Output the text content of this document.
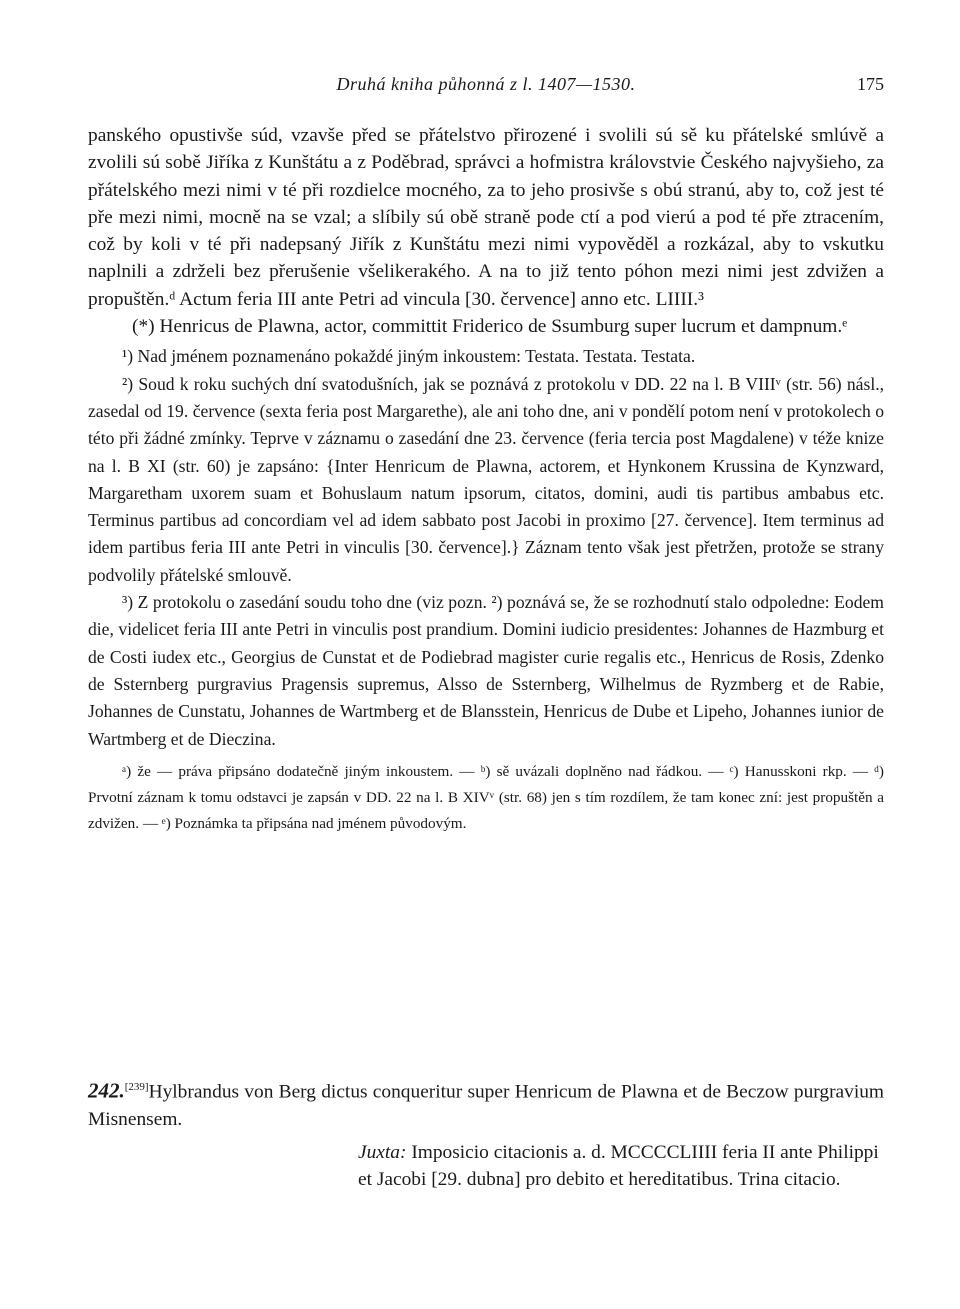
Druhá kniha půhonná z l. 1407—1530.	175

panského opustivše súd, vzavše před se přátelstvo přirozené i svolili sú sě ku přátelské smlúvě a zvolili sú sobě Jiříka z Kunštátu a z Poděbrad, správci a hofmistra královstvie Českého najvyšieho, za přátelského mezi nimi v té při rozdielce mocného, za to jeho prosivše s obú stranú, aby to, což jest té pře mezi nimi, mocně na se vzal; a slíbily sú obě straně pode ctí a pod vierú a pod té pře ztracením, což by koli v té při nadepsaný Jiřík z Kunštátu mezi nimi vypověděl a rozkázal, aby to vskutku naplnili a zdrželi bez přerušenie všelikerakého. A na to již tento póhon mezi nimi jest zdvižen a propuštěn.ᵈ Actum feria III ante Petri ad vincula [30. července] anno etc. LIIII.³

(*) Henricus de Plawna, actor, committit Friderico de Ssumburg super lucrum et dampnum.ᵉ

¹) Nad jménem poznamenáno pokaždé jiným inkoustem: Testata. Testata. Testata.

²) Soud k roku suchých dní svatodušních, jak se poznává z protokolu v DD. 22 na l. B VIIIᵛ (str. 56) násl., zasedal od 19. července (sexta feria post Margarethe), ale ani toho dne, ani v pondělí potom není v protokolech o této při žádné zmínky. Teprve v záznamu o zasedání dne 23. července (feria tercia post Magdalene) v téže knize na l. B XI (str. 60) je zapsáno: {Inter Henricum de Plawna, actorem, et Hynkonem Krussina de Kynzward, Margaretham uxorem suam et Bohuslaum natum ipsorum, citatos, domini, audi tis partibus ambabus etc. Terminus partibus ad concordiam vel ad idem sabbato post Jacobi in proximo [27. července]. Item terminus ad idem partibus feria III ante Petri in vinculis [30. července].} Záznam tento však jest přetržen, protože se strany podvolily přátelské smlouvě.

³) Z protokolu o zasedání soudu toho dne (viz pozn. ²) poznává se, že se rozhodnutí stalo odpoledne: Eodem die, videlicet feria III ante Petri in vinculis post prandium. Domini iudicio presidentes: Johannes de Hazmburg et de Costi iudex etc., Georgius de Cunstat et de Podiebrad magister curie regalis etc., Henricus de Rosis, Zdenko de Ssternberg purgravius Pragensis supremus, Alsso de Ssternberg, Wilhelmus de Ryzmberg et de Rabie, Johannes de Cunstatu, Johannes de Wartmberg et de Blansstein, Henricus de Dube et Lipeho, Johannes iunior de Wartmberg et de Dieczina.

ᵃ) že — práva připsáno dodatečně jiným inkoustem. — ᵇ) sě uvázali doplněno nad řádkou. — ᶜ) Hanusskoni rkp. — ᵈ) Prvotní záznam k tomu odstavci je zapsán v DD. 22 na l. B XIVᵛ (str. 68) jen s tím rozdílem, že tam konec zní: jest propuštěn a zdvižen. — ᵉ) Poznámka ta připsána nad jménem původovým.

242.[239]Hylbrandus von Berg dictus conqueritur super Henricum de Plawna et de Beczow purgravium Misnensem.

Juxta: Imposicio citacionis a. d. MCCCCLIIII feria II ante Philippi et Jacobi [29. dubna] pro debito et hereditatibus. Trina citacio.
